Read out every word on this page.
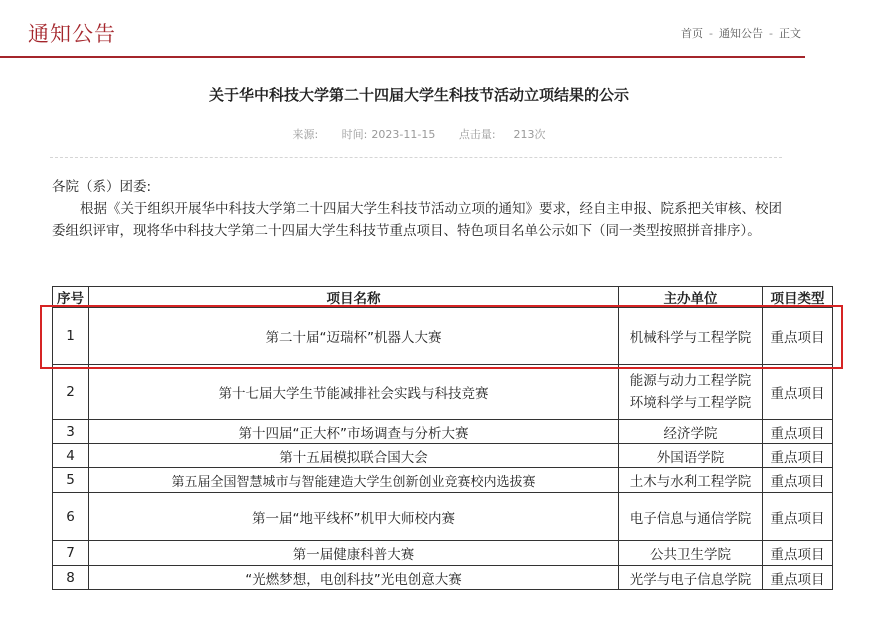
通知公告	首页 - 通知公告 - 正文
关于华中科技大学第二十四届大学生科技节活动立项结果的公示
来源: 时间: 2023-11-15 点击量: 213次

各院（系）团委:

根据《关于组织开展华中科技大学第二十四届大学生科技节活动立项的通知》要求，经自主申报、院系把关审核、校团委组织评审，现将华中科技大学第二十四届大学生科技节重点项目、特色项目名单公示如下（同一类型按照拼音排序）。

序号	项目名称	主办单位	项目类型
1	第二十届“迈瑞杯”机器人大赛	机械科学与工程学院	重点项目
2	第十七届大学生节能减排社会实践与科技竞赛	能源与动力工程学院
环境科学与工程学院	重点项目
3	第十四届“正大杯”市场调查与分析大赛	经济学院	重点项目
4	第十五届模拟联合国大会	外国语学院	重点项目
5	第五届全国智慧城市与智能建造大学生创新创业竞赛校内选拔赛	土木与水利工程学院	重点项目
6	第一届“地平线杯”机甲大师校内赛	电子信息与通信学院	重点项目
7	第一届健康科普大赛	公共卫生学院	重点项目
8	“光燃梦想，电创科技”光电创意大赛	光学与电子信息学院	重点项目
